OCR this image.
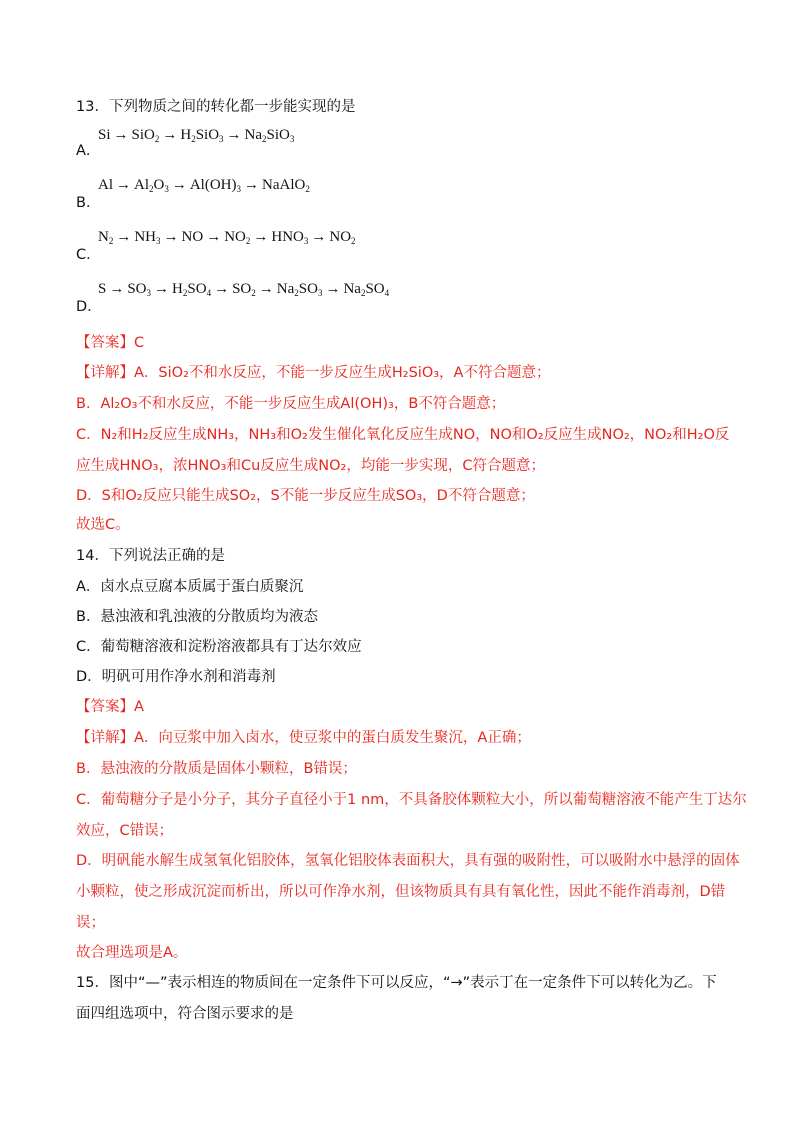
13．下列物质之间的转化都一步能实现的是
A．
$Si \to SiO_2 \to H_2SiO_3 \to Na_2SiO_3$
B．
$Al \to Al_2O_3 \to Al(OH)_3$ → NaAlO$_2$
C．
$N_2 \to NH_3$ → NO → $NO_2 \to HNO_3 \to NO_2$
D．
$S \to SO_3 \to H_2SO_4 \to SO_2 \to Na_2SO_3 \to Na_2SO_4$
【答案】C
【详解】A．SiO₂不和水反应，不能一步反应生成H₂SiO₃，A不符合题意；
B．Al₂O₃不和水反应，不能一步反应生成Al(OH)₃，B不符合题意；
C．N₂和H₂反应生成NH₃，NH₃和O₂发生催化氧化反应生成NO，NO和O₂反应生成NO₂，NO₂和H₂O反
应生成HNO₃，浓HNO₃和Cu反应生成NO₂，均能一步实现，C符合题意；
D．S和O₂反应只能生成SO₂，S不能一步反应生成SO₃，D不符合题意；
故选C。
14．下列说法正确的是
A．卤水点豆腐本质属于蛋白质聚沉
B．悬浊液和乳浊液的分散质均为液态
C．葡萄糖溶液和淀粉溶液都具有丁达尔效应
D．明矾可用作净水剂和消毒剂
【答案】A
【详解】A．向豆浆中加入卤水，使豆浆中的蛋白质发生聚沉，A正确；
B．悬浊液的分散质是固体小颗粒，B错误；
C．葡萄糖分子是小分子，其分子直径小于1 nm，不具备胶体颗粒大小，所以葡萄糖溶液不能产生丁达尔
效应，C错误；
D．明矾能水解生成氢氧化铝胶体，氢氧化铝胶体表面积大，具有强的吸附性，可以吸附水中悬浮的固体
小颗粒，使之形成沉淀而析出，所以可作净水剂，但该物质具有具有氧化性，因此不能作消毒剂，D错
误；
故合理选项是A。
15．图中“—”表示相连的物质间在一定条件下可以反应，“→”表示丁在一定条件下可以转化为乙。下
面四组选项中，符合图示要求的是
